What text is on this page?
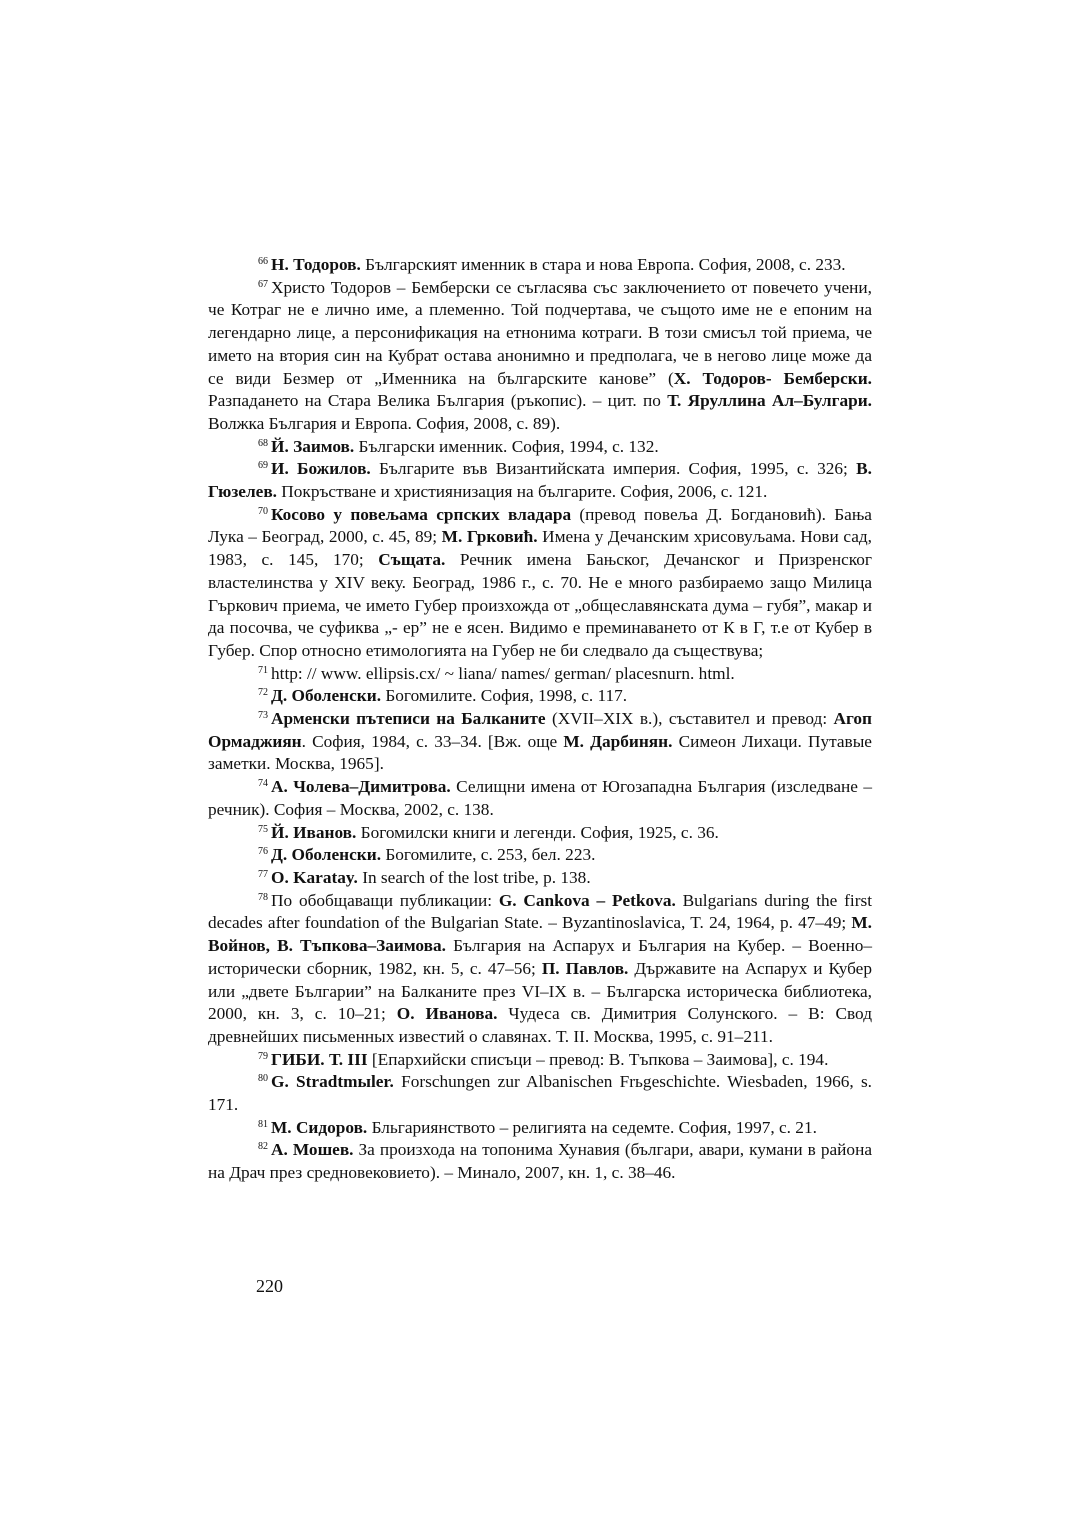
$^{66}$ Н. Тодоров. Българският именник в стара и нова Европа. София, 2008, с. 233.

$^{67}$ Христо Тодоров – Бемберски се съгласява със заключението от повечето учени, че Котраг не е лично име, а племенно. Той подчертава, че същото име не е епоним на легендарно лице, а персонификация на етнонима котраги. В този смисъл той приема, че името на втория син на Кубрат остава анонимно и предполага, че в негово лице може да се види Безмер от „Именника на българските канове” (Х. Тодоров- Бемберски. Разпадането на Стара Велика България (ръкопис). – цит. по Т. Яруллина Ал–Булгари. Волжка България и Европа. София, 2008, с. 89).

$^{68}$ Й. Заимов. Български именник. София, 1994, с. 132.

$^{69}$ И. Божилов. Българите във Византийската империя. София, 1995, с. 326; В. Гюзелев. Покръстване и християнизация на българите. София, 2006, с. 121.

$^{70}$ Косово у повељама српских владара (превод повеља Д. Богдановић). Бања Лука – Београд, 2000, с. 45, 89; М. Грковић. Имена у Дечанским хрисовуљама. Нови сад, 1983, с. 145, 170; Същата. Речник имена Бањског, Дечанског и Призренског властелинства у XIV веку. Београд, 1986 г., с. 70. Не е много разбираемо защо Милица Гъркович приема, че името Губер произхожда от „общеславянската дума – губя”, макар и да посочва, че суфиква „- ер” не е ясен. Видимо е преминаването от К в Г, т.е от Кубер в Губер. Спор относно етимологията на Губер не би следвало да съществува;

$^{71}$ http: // www. ellipsis.cx/ ~ liana/ names/ german/ placesnurn. html.

$^{72}$ Д. Оболенски. Богомилите. София, 1998, с. 117.

$^{73}$ Арменски пътеписи на Балканите (XVII–XIX в.), съставител и превод: Агоп Ормаджиян. София, 1984, с. 33–34. [Вж. още М. Дарбинян. Симеон Лихаци. Путавые заметки. Москва, 1965].

$^{74}$ А. Чолева–Димитрова. Селищни имена от Югозападна България (изследване – речник). София – Москва, 2002, с. 138.

$^{75}$ Й. Иванов. Богомилски книги и легенди. София, 1925, с. 36.

$^{76}$ Д. Оболенски. Богомилите, с. 253, бел. 223.

$^{77}$ O. Karatay. In search of the lost tribe, p. 138.

$^{78}$ По обобщаващи публикации: G. Cankova – Petkova. Bulgarians during the first decades after foundation of the Bulgarian State. – Byzantinoslavica, T. 24, 1964, p. 47–49; М. Войнов, В. Тъпкова–Заимова. България на Аспарух и България на Кубер. – Военно–исторически сборник, 1982, кн. 5, с. 47–56; П. Павлов. Държавите на Аспарух и Кубер или „двете Българии” на Балканите през VI–IX в. – Българска историческа библиотека, 2000, кн. 3, с. 10–21; О. Иванова. Чудеса св. Димитрия Солунского. – В: Свод древнейших письменных известий о славянах. Т. II. Москва, 1995, с. 91–211.

$^{79}$ ГИБИ. Т. III [Епархийски списъци – превод: В. Тъпкова – Заимова], с. 194.

$^{80}$ G. Stradtmыler. Forschungen zur Albanischen Frьgeschichte. Wiesbaden, 1966, s. 171.

$^{81}$ М. Сидоров. Бльгариянството – религията на седемте. София, 1997, с. 21.

$^{82}$ А. Мошев. За произхода на топонима Хунавия (българи, авари, кумани в района на Драч през средновековието). – Минало, 2007, кн. 1, с. 38–46.

220
